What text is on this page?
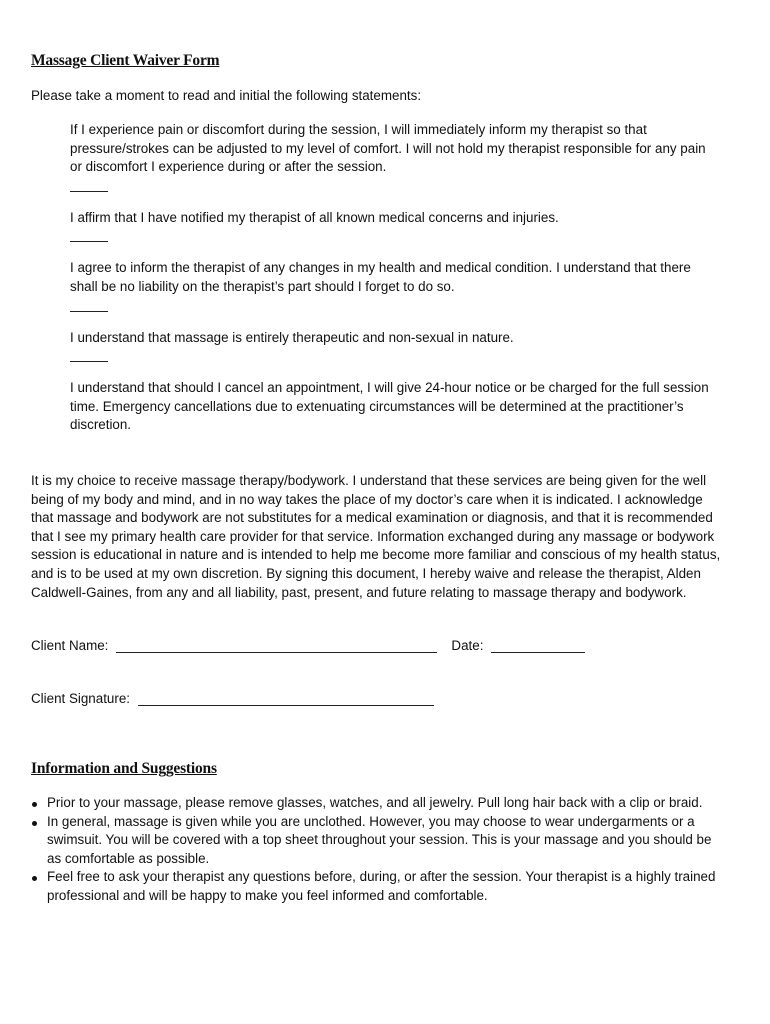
Massage Client Waiver Form
Please take a moment to read and initial the following statements:
If I experience pain or discomfort during the session, I will immediately inform my therapist so that pressure/strokes can be adjusted to my level of comfort. I will not hold my therapist responsible for any pain or discomfort I experience during or after the session.
I affirm that I have notified my therapist of all known medical concerns and injuries.
I agree to inform the therapist of any changes in my health and medical condition. I understand that there shall be no liability on the therapist’s part should I forget to do so.
I understand that massage is entirely therapeutic and non-sexual in nature.
I understand that should I cancel an appointment, I will give 24-hour notice or be charged for the full session time. Emergency cancellations due to extenuating circumstances will be determined at the practitioner’s discretion.

It is my choice to receive massage therapy/bodywork. I understand that these services are being given for the well being of my body and mind, and in no way takes the place of my doctor’s care when it is indicated. I acknowledge that massage and bodywork are not substitutes for a medical examination or diagnosis, and that it is recommended that I see my primary health care provider for that service. Information exchanged during any massage or bodywork session is educational in nature and is intended to help me become more familiar and conscious of my health status, and is to be used at my own discretion. By signing this document, I hereby waive and release the therapist, Alden Caldwell-Gaines, from any and all liability, past, present, and future relating to massage therapy and bodywork.

Client Name:	Date:
Client Signature:
Information and Suggestions
Prior to your massage, please remove glasses, watches, and all jewelry. Pull long hair back with a clip or braid.
In general, massage is given while you are unclothed. However, you may choose to wear undergarments or a swimsuit. You will be covered with a top sheet throughout your session. This is your massage and you should be as comfortable as possible.
Feel free to ask your therapist any questions before, during, or after the session. Your therapist is a highly trained professional and will be happy to make you feel informed and comfortable.
